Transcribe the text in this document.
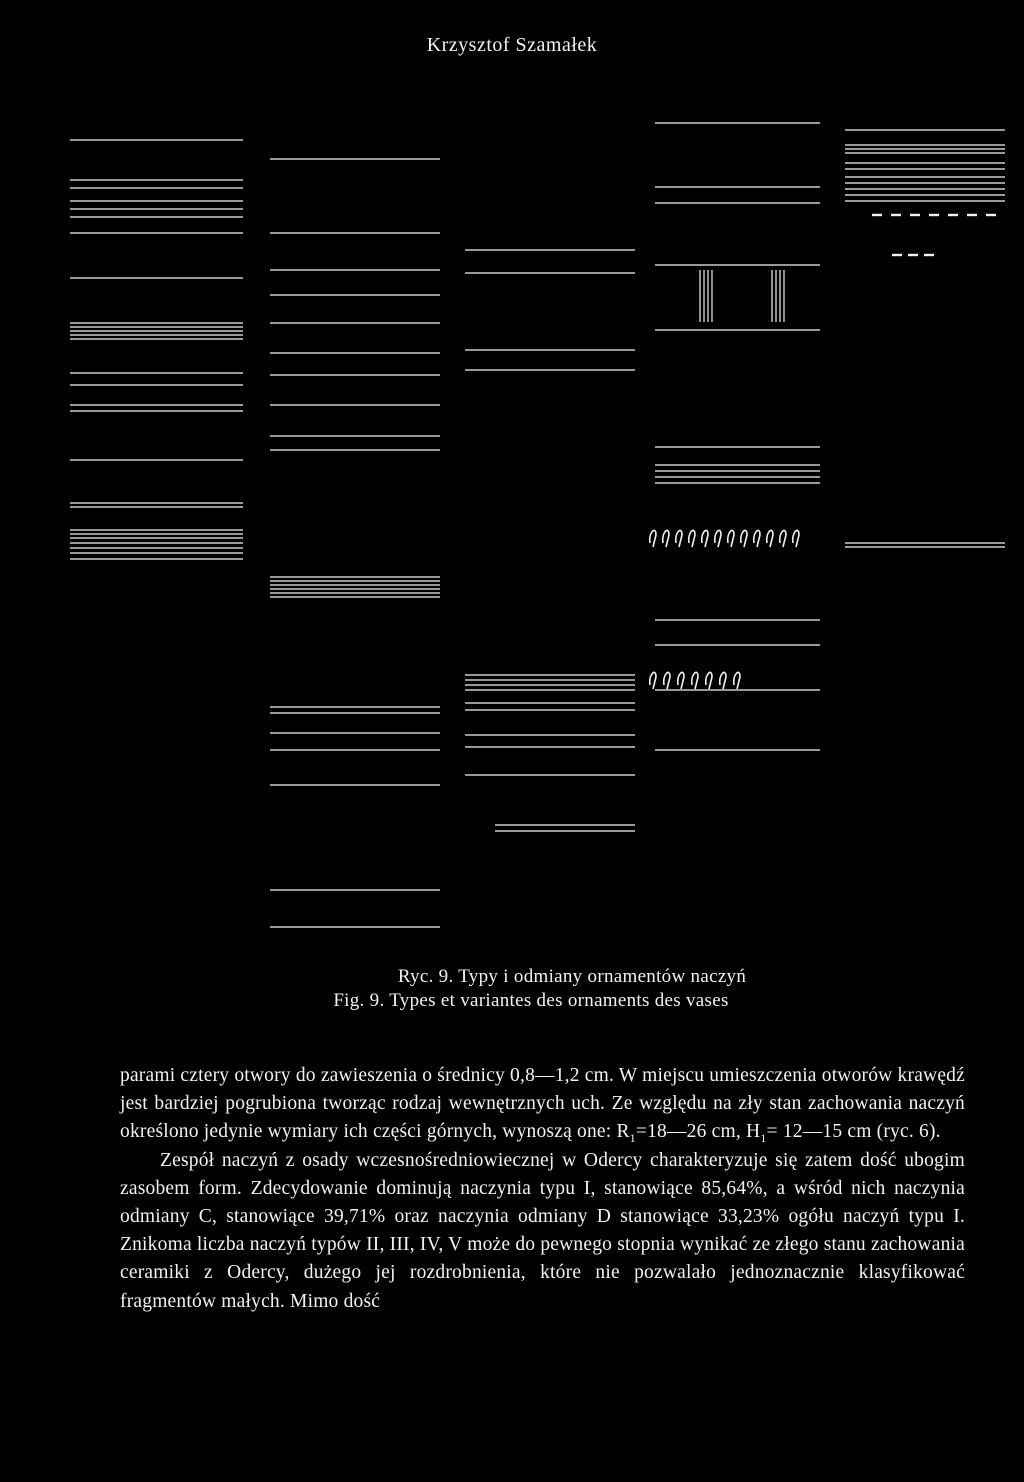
Krzysztof Szamałek
Ryc. 9. Typy i odmiany ornamentów naczyń
Fig. 9. Types et variantes des ornaments des vases

parami cztery otwory do zawieszenia o średnicy 0,8—1,2 cm. W miejscu umieszczenia otworów krawędź jest bardziej pogrubiona tworząc rodzaj wewnętrznych uch. Ze względu na zły stan zachowania naczyń określono jedynie wymiary ich części górnych, wynoszą one: $R_1=18—26$ cm, $H_1=$ 12—15 cm (ryc. 6).

Zespół naczyń z osady wczesnośredniowiecznej w Odercy charakteryzuje się zatem dość ubogim zasobem form. Zdecydowanie dominują naczynia typu I, stanowiące 85,64%, a wśród nich naczynia odmiany C, stanowiące 39,71% oraz naczynia odmiany D stanowiące 33,23% ogółu naczyń typu I. Znikoma liczba naczyń typów II, III, IV, V może do pewnego stopnia wynikać ze złego stanu zachowania ceramiki z Odercy, dużego jej rozdrobnienia, które nie pozwalało jednoznacznie klasyfikować fragmentów małych. Mimo dość
